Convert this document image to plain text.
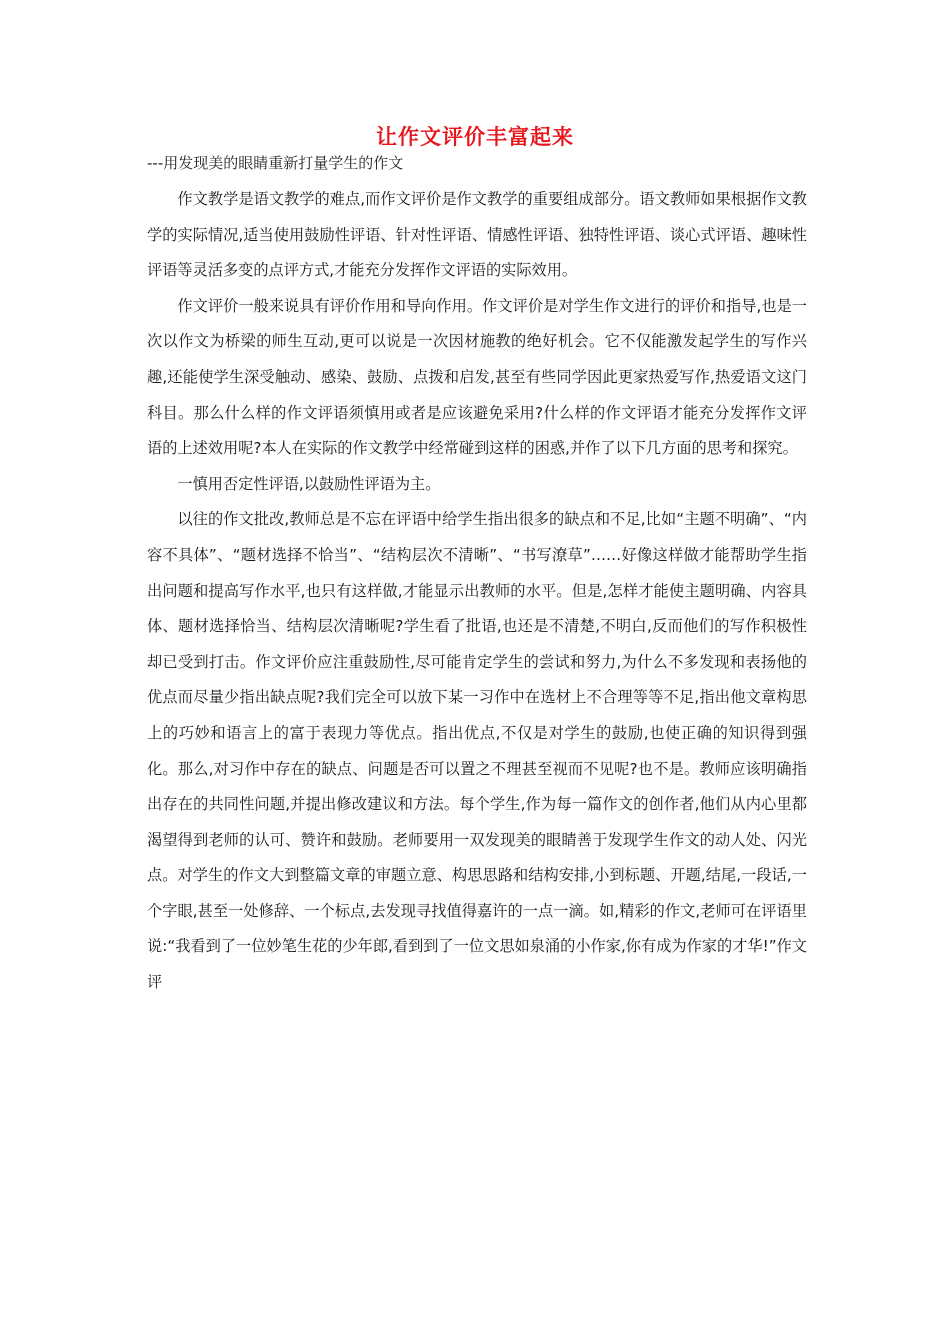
让作文评价丰富起来
---用发现美的眼睛重新打量学生的作文

作文教学是语文教学的难点,而作文评价是作文教学的重要组成部分。语文教师如果根据作文教学的实际情况,适当使用鼓励性评语、针对性评语、情感性评语、独特性评语、谈心式评语、趣味性评语等灵活多变的点评方式,才能充分发挥作文评语的实际效用。

作文评价一般来说具有评价作用和导向作用。作文评价是对学生作文进行的评价和指导,也是一次以作文为桥梁的师生互动,更可以说是一次因材施教的绝好机会。它不仅能激发起学生的写作兴趣,还能使学生深受触动、感染、鼓励、点拨和启发,甚至有些同学因此更家热爱写作,热爱语文这门科目。那么什么样的作文评语须慎用或者是应该避免采用?什么样的作文评语才能充分发挥作文评语的上述效用呢?本人在实际的作文教学中经常碰到这样的困惑,并作了以下几方面的思考和探究。

一慎用否定性评语,以鼓励性评语为主。

以往的作文批改,教师总是不忘在评语中给学生指出很多的缺点和不足,比如“主题不明确”、“内容不具体”、“题材选择不恰当”、“结构层次不清晰”、“书写潦草”……好像这样做才能帮助学生指出问题和提高写作水平,也只有这样做,才能显示出教师的水平。但是,怎样才能使主题明确、内容具体、题材选择恰当、结构层次清晰呢?学生看了批语,也还是不清楚,不明白,反而他们的写作积极性却已受到打击。作文评价应注重鼓励性,尽可能肯定学生的尝试和努力,为什么不多发现和表扬他的优点而尽量少指出缺点呢?我们完全可以放下某一习作中在选材上不合理等等不足,指出他文章构思上的巧妙和语言上的富于表现力等优点。指出优点,不仅是对学生的鼓励,也使正确的知识得到强化。那么,对习作中存在的缺点、问题是否可以置之不理甚至视而不见呢?也不是。教师应该明确指出存在的共同性问题,并提出修改建议和方法。每个学生,作为每一篇作文的创作者,他们从内心里都渴望得到老师的认可、赞许和鼓励。老师要用一双发现美的眼睛善于发现学生作文的动人处、闪光点。对学生的作文大到整篇文章的审题立意、构思思路和结构安排,小到标题、开题,结尾,一段话,一个字眼,甚至一处修辞、一个标点,去发现寻找值得嘉许的一点一滴。如,精彩的作文,老师可在评语里说:“我看到了一位妙笔生花的少年郎,看到到了一位文思如泉涌的小作家,你有成为作家的才华!”作文评
